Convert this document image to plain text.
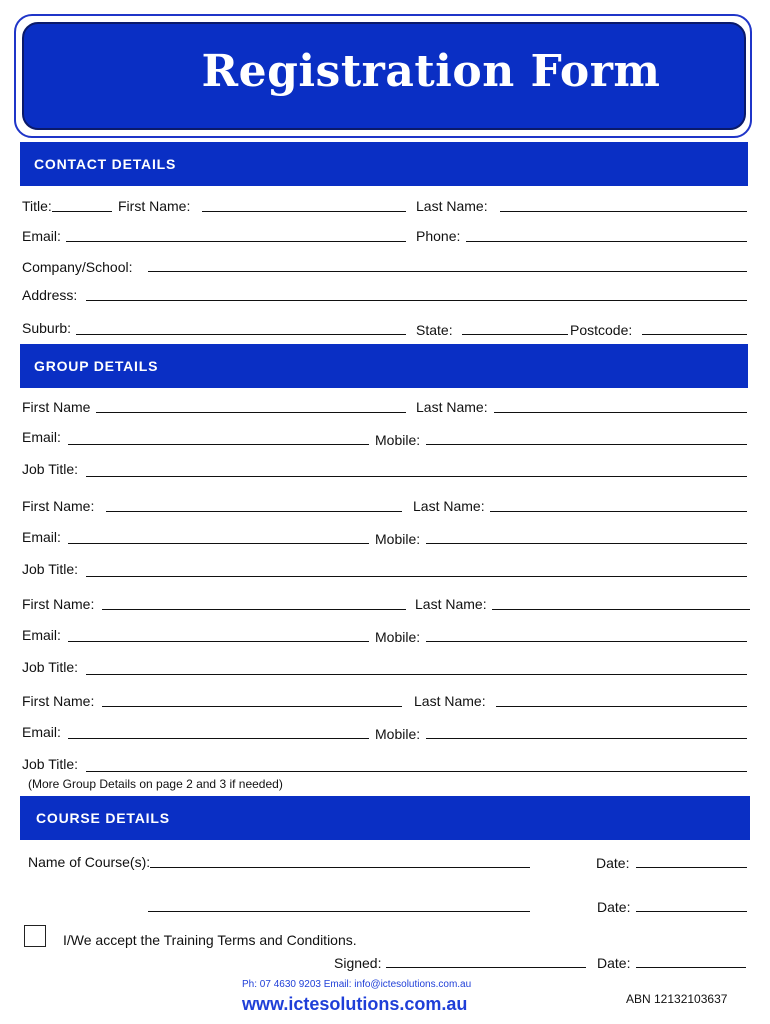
Registration Form
CONTACT DETAILS
Title:	First Name:	Last Name:
Email:	Phone:
Company/School:
Address:
Suburb:	State:	Postcode:
GROUP DETAILS
First Name	Last Name:
Email:	Mobile:
Job Title:
First Name:	Last Name:
Email:	Mobile:
Job Title:
First Name:	Last Name:
Email:	Mobile:
Job Title:
First Name:	Last Name:
Email:	Mobile:
Job Title:
(More Group Details on page 2 and 3 if needed)
COURSE DETAILS
Name of Course(s):	Date:
Date:
I/We accept the Training Terms and Conditions.
Signed:	Date:
Ph: 07 4630 9203 Email: info@ictesolutions.com.au
www.ictesolutions.com.au	ABN 12132103637
